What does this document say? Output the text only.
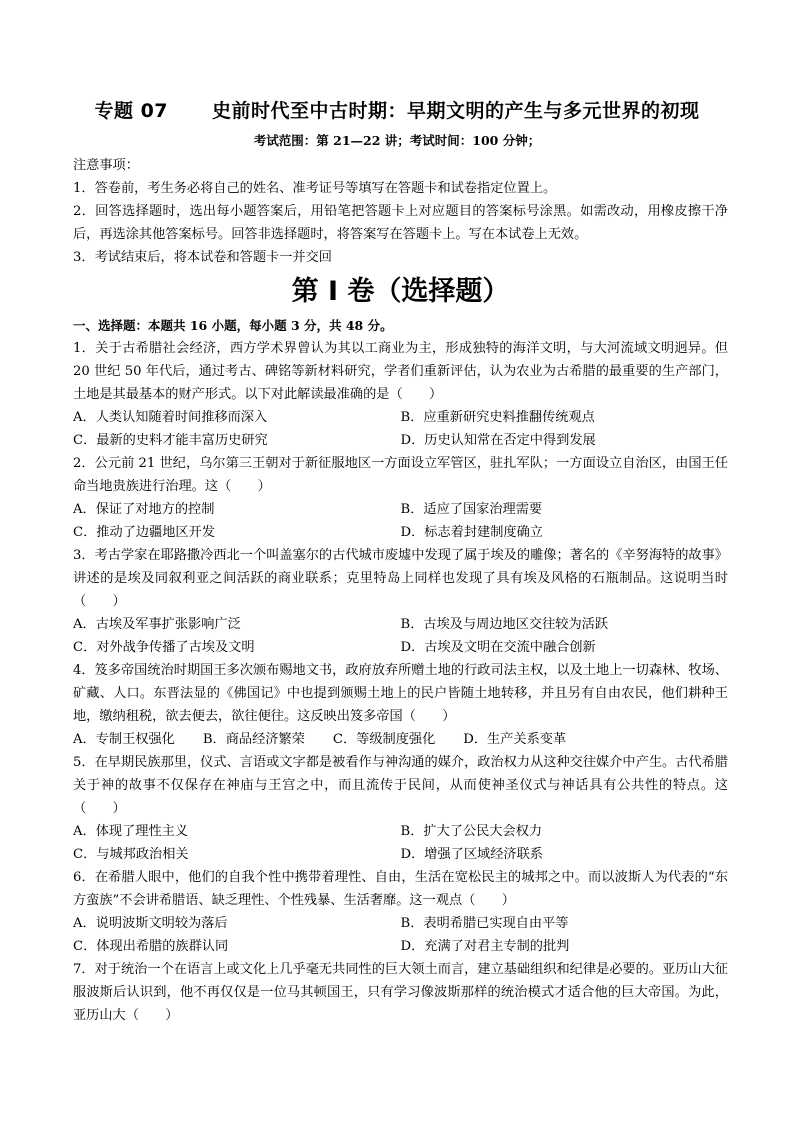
专题 07 史前时代至中古时期：早期文明的产生与多元世界的初现
考试范围：第 21—22 讲；考试时间：100 分钟；
注意事项：
1．答卷前，考生务必将自己的姓名、准考证号等填写在答题卡和试卷指定位置上。
2．回答选择题时，选出每小题答案后，用铅笔把答题卡上对应题目的答案标号涂黑。如需改动，用橡皮擦干净后，再选涂其他答案标号。回答非选择题时，将答案写在答题卡上。写在本试卷上无效。
3．考试结束后，将本试卷和答题卡一并交回
第 I 卷（选择题）
一、选择题：本题共 16 小题，每小题 3 分，共 48 分。
1．关于古希腊社会经济，西方学术界曾认为其以工商业为主，形成独特的海洋文明，与大河流域文明迥异。但 20 世纪 50 年代后，通过考古、碑铭等新材料研究，学者们重新评估，认为农业为古希腊的最重要的生产部门，土地是其最基本的财产形式。以下对此解读最准确的是（　　）
A．人类认知随着时间推移而深入	B．应重新研究史料推翻传统观点
C．最新的史料才能丰富历史研究	D．历史认知常在否定中得到发展
2．公元前 21 世纪，乌尔第三王朝对于新征服地区一方面设立军管区，驻扎军队；一方面设立自治区，由国王任命当地贵族进行治理。这（　　）
A．保证了对地方的控制	B．适应了国家治理需要
C．推动了边疆地区开发	D．标志着封建制度确立
3．考古学家在耶路撒冷西北一个叫盖塞尔的古代城市废墟中发现了属于埃及的雕像；著名的《辛努海特的故事》讲述的是埃及同叙利亚之间活跃的商业联系；克里特岛上同样也发现了具有埃及风格的石瓶制品。这说明当时（　　）
A．古埃及军事扩张影响广泛	B．古埃及与周边地区交往较为活跃
C．对外战争传播了古埃及文明	D．古埃及文明在交流中融合创新
4．笈多帝国统治时期国王多次颁布赐地文书，政府放弃所赠土地的行政司法主权，以及土地上一切森林、牧场、矿藏、人口。东晋法显的《佛国记》中也提到颁赐土地上的民户皆随土地转移，并且另有自由农民，他们耕种王地，缴纳租税，欲去便去，欲往便往。这反映出笈多帝国（　　）
A．专制王权强化 B．商品经济繁荣 C．等级制度强化 D．生产关系变革
5．在早期民族那里，仪式、言语或文字都是被看作与神沟通的媒介，政治权力从这种交往媒介中产生。古代希腊关于神的故事不仅保存在神庙与王宫之中，而且流传于民间，从而使神圣仪式与神话具有公共性的特点。这（　　）
A．体现了理性主义	B．扩大了公民大会权力
C．与城邦政治相关	D．增强了区域经济联系
6．在希腊人眼中，他们的自我个性中携带着理性、自由，生活在宽松民主的城邦之中。而以波斯人为代表的“东方蛮族”不会讲希腊语、缺乏理性、个性残暴、生活奢靡。这一观点（　　）
A．说明波斯文明较为落后	B．表明希腊已实现自由平等
C．体现出希腊的族群认同	D．充满了对君主专制的批判
7．对于统治一个在语言上或文化上几乎毫无共同性的巨大领土而言，建立基础组织和纪律是必要的。亚历山大征服波斯后认识到，他不再仅仅是一位马其顿国王，只有学习像波斯那样的统治模式才适合他的巨大帝国。为此，亚历山大（　　）
